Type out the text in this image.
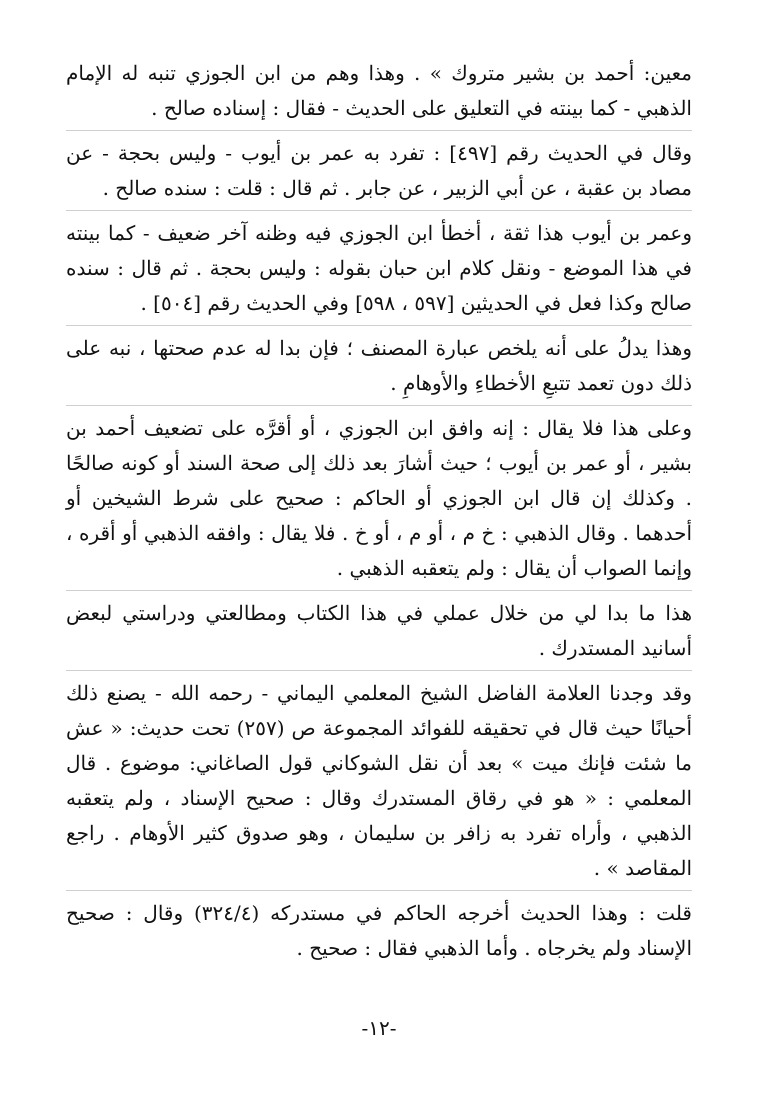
معين: أحمد بن بشير متروك » . وهذا وهم من ابن الجوزي تنبه له الإمام الذهبي - كما بينته في التعليق على الحديث - فقال : إسناده صالح .

وقال في الحديث رقم [٤٩٧] : تفرد به عمر بن أيوب - وليس بحجة - عن مصاد بن عقبة ، عن أبي الزبير ، عن جابر . ثم قال : قلت : سنده صالح .

وعمر بن أيوب هذا ثقة ، أخطأ ابن الجوزي فيه وظنه آخر ضعيف - كما بينته في هذا الموضع - ونقل كلام ابن حبان بقوله : وليس بحجة . ثم قال : سنده صالح وكذا فعل في الحديثين [٥٩٧ ، ٥٩٨] وفي الحديث رقم [٥٠٤] .

وهذا يدلُ على أنه يلخص عبارة المصنف ؛ فإن بدا له عدم صحتها ، نبه على ذلك دون تعمد تتبعِ الأخطاءِ والأوهامِ .

وعلى هذا فلا يقال : إنه وافق ابن الجوزي ، أو أقرَّه على تضعيف أحمد بن بشير ، أو عمر بن أيوب ؛ حيث أشارَ بعد ذلك إلى صحة السند أو كونه صالحًا . وكذلك إن قال ابن الجوزي أو الحاكم : صحيح على شرط الشيخين أو أحدهما . وقال الذهبي : خ م ، أو م ، أو خ . فلا يقال : وافقه الذهبي أو أقره ، وإنما الصواب أن يقال : ولم يتعقبه الذهبي .

هذا ما بدا لي من خلال عملي في هذا الكتاب ومطالعتي ودراستي لبعض أسانيد المستدرك .

وقد وجدنا العلامة الفاضل الشيخ المعلمي اليماني - رحمه الله - يصنع ذلك أحيانًا حيث قال في تحقيقه للفوائد المجموعة ص (٢٥٧) تحت حديث: « عش ما شئت فإنك ميت » بعد أن نقل الشوكاني قول الصاغاني: موضوع . قال المعلمي : « هو في رقاق المستدرك وقال : صحيح الإسناد ، ولم يتعقبه الذهبي ، وأراه تفرد به زافر بن سليمان ، وهو صدوق كثير الأوهام . راجع المقاصد » .

قلت : وهذا الحديث أخرجه الحاكم في مستدركه (٣٢٤/٤) وقال : صحيح الإسناد ولم يخرجاه . وأما الذهبي فقال : صحيح .

-١٢-
